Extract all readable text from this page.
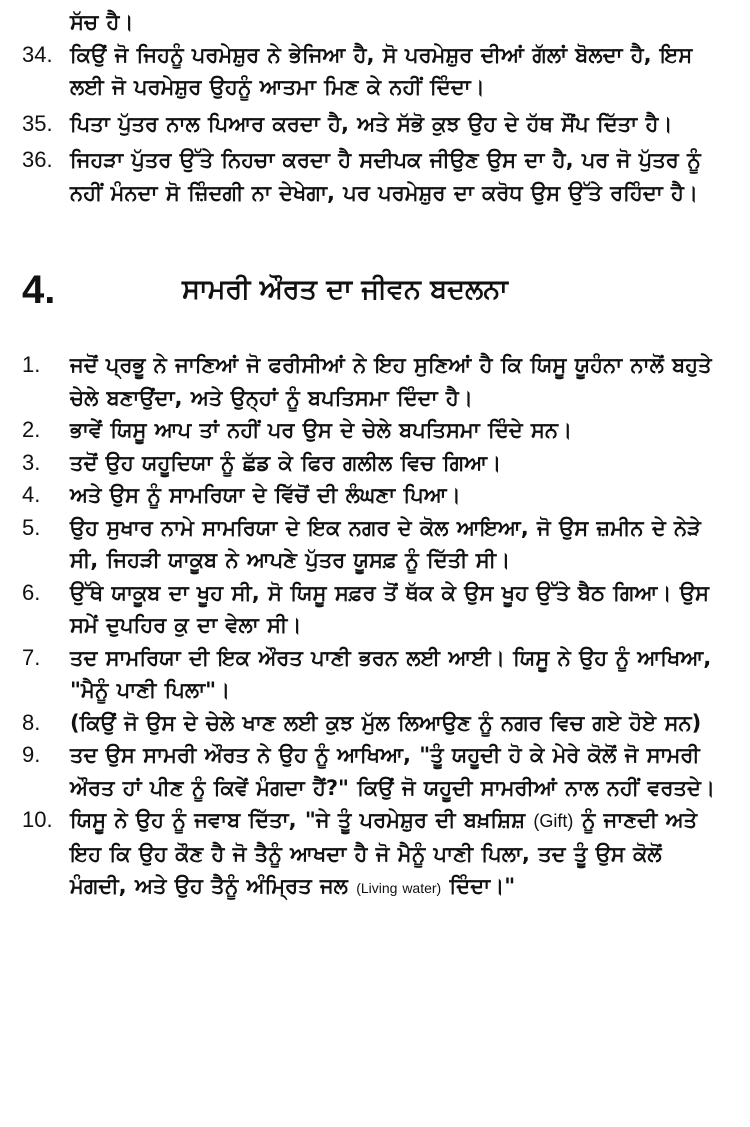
ਸੱਚ ਹੈ।
34. ਕਿਉਂ ਜੋ ਜਿਹਨੂੰ ਪਰਮੇਸ਼ੁਰ ਨੇ ਭੇਜਿਆ ਹੈ, ਸੋ ਪਰਮੇਸ਼ੁਰ ਦੀਆਂ ਗੱਲਾਂ ਬੋਲਦਾ ਹੈ, ਇਸ ਲਈ ਜੋ ਪਰਮੇਸ਼ੁਰ ਉਹਨੂੰ ਆਤਮਾ ਮਿਣ ਕੇ ਨਹੀਂ ਦਿੰਦਾ।
35. ਪਿਤਾ ਪੁੱਤਰ ਨਾਲ ਪਿਆਰ ਕਰਦਾ ਹੈ, ਅਤੇ ਸੱਭੋ ਕੁਝ ਉਹ ਦੇ ਹੱਥ ਸੌਂਪ ਦਿੱਤਾ ਹੈ।
36. ਜਿਹੜਾ ਪੁੱਤਰ ਉੱਤੇ ਨਿਹਚਾ ਕਰਦਾ ਹੈ ਸਦੀਪਕ ਜੀਉਣ ਉਸ ਦਾ ਹੈ, ਪਰ ਜੋ ਪੁੱਤਰ ਨੂੰ ਨਹੀਂ ਮੰਨਦਾ ਸੋ ਜ਼ਿੰਦਗੀ ਨਾ ਦੇਖੇਗਾ, ਪਰ ਪਰਮੇਸ਼ੁਰ ਦਾ ਕਰੋਧ ਉਸ ਉੱਤੇ ਰਹਿੰਦਾ ਹੈ।
4.	ਸਾਮਰੀ ਔਰਤ ਦਾ ਜੀਵਨ ਬਦਲਨਾ
1.	ਜਦੋਂ ਪ੍ਰਭੂ ਨੇ ਜਾਣਿਆਂ ਜੋ ਫਰੀਸੀਆਂ ਨੇ ਇਹ ਸੁਣਿਆਂ ਹੈ ਕਿ ਯਿਸੂ ਯੂਹੰਨਾ ਨਾਲੋਂ ਬਹੁਤੇ ਚੇਲੇ ਬਣਾਉਂਦਾ, ਅਤੇ ਉਨ੍ਹਾਂ ਨੂੰ ਬਪਤਿਸਮਾ ਦਿੰਦਾ ਹੈ।
2.	ਭਾਵੇਂ ਯਿਸੂ ਆਪ ਤਾਂ ਨਹੀਂ ਪਰ ਉਸ ਦੇ ਚੇਲੇ ਬਪਤਿਸਮਾ ਦਿੰਦੇ ਸਨ।
3.	ਤਦੋਂ ਉਹ ਯਹੂਦਿਯਾ ਨੂੰ ਛੱਡ ਕੇ ਫਿਰ ਗਲੀਲ ਵਿਚ ਗਿਆ।
4.	ਅਤੇ ਉਸ ਨੂੰ ਸਾਮਰਿਯਾ ਦੇ ਵਿੱਚੋਂ ਦੀ ਲੰਘਣਾ ਪਿਆ।
5.	ਉਹ ਸੁਖਾਰ ਨਾਮੇ ਸਾਮਰਿਯਾ ਦੇ ਇਕ ਨਗਰ ਦੇ ਕੋਲ ਆਇਆ, ਜੋ ਉਸ ਜ਼ਮੀਨ ਦੇ ਨੇੜੇ ਸੀ, ਜਿਹੜੀ ਯਾਕੂਬ ਨੇ ਆਪਣੇ ਪੁੱਤਰ ਯੂਸਫ਼ ਨੂੰ ਦਿੱਤੀ ਸੀ।
6.	ਉੱਥੇ ਯਾਕੂਬ ਦਾ ਖੂਹ ਸੀ, ਸੋ ਯਿਸੂ ਸਫ਼ਰ ਤੋਂ ਥੱਕ ਕੇ ਉਸ ਖੂਹ ਉੱਤੇ ਬੈਠ ਗਿਆ। ਉਸ ਸਮੇਂ ਦੁਪਹਿਰ ਕੁ ਦਾ ਵੇਲਾ ਸੀ।
7.	ਤਦ ਸਾਮਰਿਯਾ ਦੀ ਇਕ ਔਰਤ ਪਾਣੀ ਭਰਨ ਲਈ ਆਈ। ਯਿਸੂ ਨੇ ਉਹ ਨੂੰ ਆਖਿਆ, "ਮੈਨੂੰ ਪਾਣੀ ਪਿਲਾ"।
8.	(ਕਿਉਂ ਜੋ ਉਸ ਦੇ ਚੇਲੇ ਖਾਣ ਲਈ ਕੁਝ ਮੁੱਲ ਲਿਆਉਣ ਨੂੰ ਨਗਰ ਵਿਚ ਗਏ ਹੋਏ ਸਨ)
9.	ਤਦ ਉਸ ਸਾਮਰੀ ਔਰਤ ਨੇ ਉਹ ਨੂੰ ਆਖਿਆ, "ਤੂੰ ਯਹੂਦੀ ਹੋ ਕੇ ਮੇਰੇ ਕੋਲੋਂ ਜੋ ਸਾਮਰੀ ਔਰਤ ਹਾਂ ਪੀਣ ਨੂੰ ਕਿਵੇਂ ਮੰਗਦਾ ਹੈਂ?" ਕਿਉਂ ਜੋ ਯਹੂਦੀ ਸਾਮਰੀਆਂ ਨਾਲ ਨਹੀਂ ਵਰਤਦੇ।
10. ਯਿਸੂ ਨੇ ਉਹ ਨੂੰ ਜਵਾਬ ਦਿੱਤਾ, "ਜੇ ਤੂੰ ਪਰਮੇਸ਼ੁਰ ਦੀ ਬਖ਼ਸ਼ਿਸ਼ (Gift) ਨੂੰ ਜਾਣਦੀ ਅਤੇ ਇਹ ਕਿ ਉਹ ਕੌਣ ਹੈ ਜੋ ਤੈਨੂੰ ਆਖਦਾ ਹੈ ਜੋ ਮੈਨੂੰ ਪਾਣੀ ਪਿਲਾ, ਤਦ ਤੂੰ ਉਸ ਕੋਲੋਂ ਮੰਗਦੀ, ਅਤੇ ਉਹ ਤੈਨੂੰ ਅੰਮ੍ਰਿਤ ਜਲ (Living water) ਦਿੰਦਾ।"
